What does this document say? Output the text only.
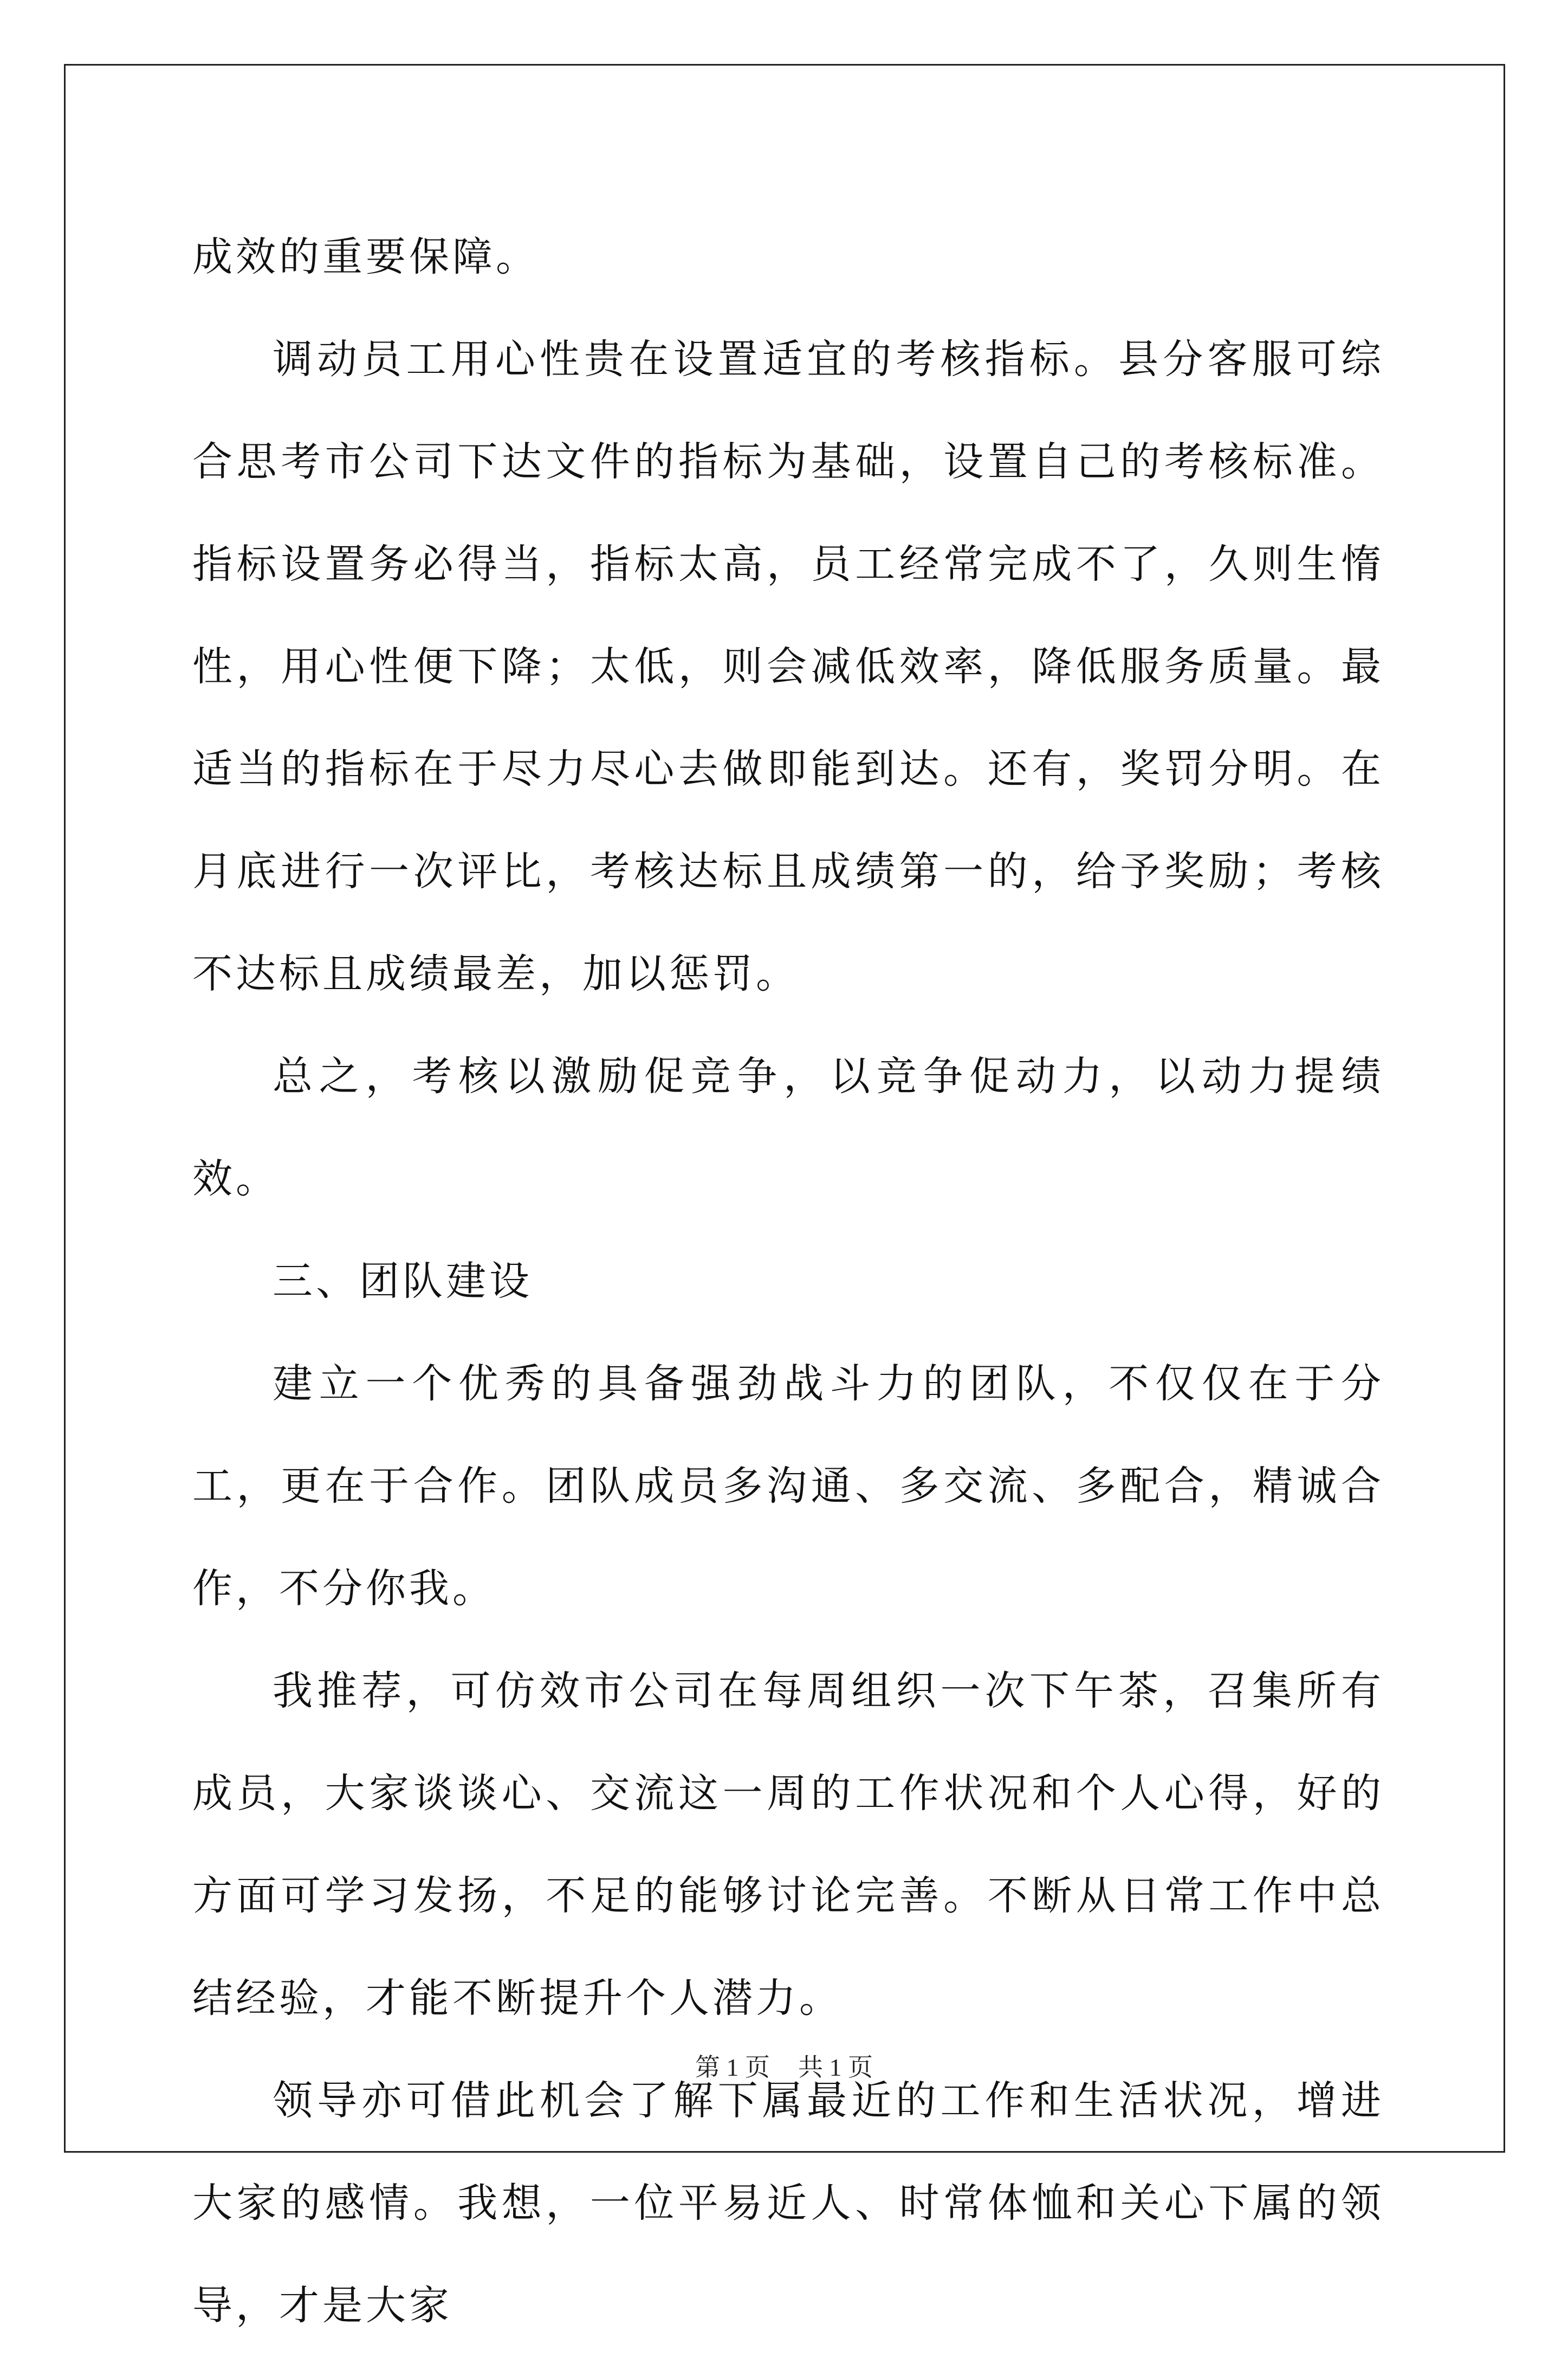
成效的重要保障。

调动员工用心性贵在设置适宜的考核指标。县分客服可综合思考市公司下达文件的指标为基础，设置自己的考核标准。指标设置务必得当，指标太高，员工经常完成不了，久则生惰性，用心性便下降；太低，则会减低效率，降低服务质量。最适当的指标在于尽力尽心去做即能到达。还有，奖罚分明。在月底进行一次评比，考核达标且成绩第一的，给予奖励；考核不达标且成绩最差，加以惩罚。

总之，考核以激励促竞争，以竞争促动力，以动力提绩效。

三、团队建设

建立一个优秀的具备强劲战斗力的团队，不仅仅在于分工，更在于合作。团队成员多沟通、多交流、多配合，精诚合作，不分你我。

我推荐，可仿效市公司在每周组织一次下午茶，召集所有成员，大家谈谈心、交流这一周的工作状况和个人心得，好的方面可学习发扬，不足的能够讨论完善。不断从日常工作中总结经验，才能不断提升个人潜力。

领导亦可借此机会了解下属最近的工作和生活状况，增进大家的感情。我想，一位平易近人、时常体恤和关心下属的领导，才是大家

第 1 页 共 1 页
